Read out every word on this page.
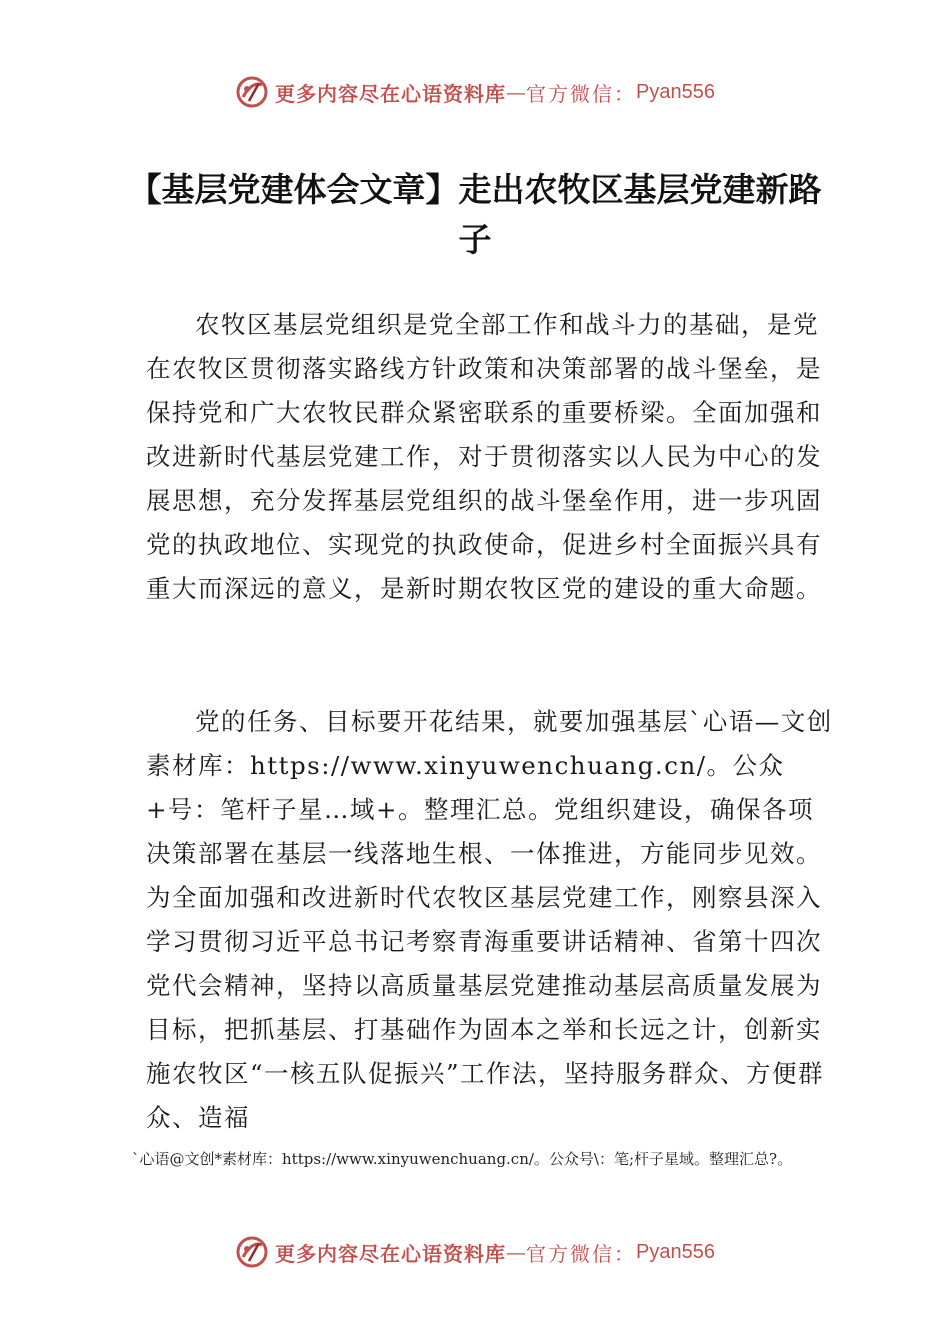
更多内容尽在心语资料库 — 官方微信： Pyan556
【基层党建体会文章】走出农牧区基层党建新路子

农牧区基层党组织是党全部工作和战斗力的基础，是党在农牧区贯彻落实路线方针政策和决策部署的战斗堡垒，是保持党和广大农牧民群众紧密联系的重要桥梁。全面加强和改进新时代基层党建工作，对于贯彻落实以人民为中心的发展思想，充分发挥基层党组织的战斗堡垒作用，进一步巩固党的执政地位、实现党的执政使命，促进乡村全面振兴具有重大而深远的意义，是新时期农牧区党的建设的重大命题。

党的任务、目标要开花结果，就要加强基层`心语—文创素材库：https://www.xinyuwenchuang.cn/。公众+号：笔杆子星…域+。整理汇总。党组织建设，确保各项决策部署在基层一线落地生根、一体推进，方能同步见效。为全面加强和改进新时代农牧区基层党建工作，刚察县深入学习贯彻习近平总书记考察青海重要讲话精神、省第十四次党代会精神，坚持以高质量基层党建推动基层高质量发展为目标，把抓基层、打基础作为固本之举和长远之计，创新实施农牧区“一核五队促振兴”工作法，坚持服务群众、方便群众、造福

`心语@文创*素材库：https://www.xinyuwenchuang.cn/。公众号\：笔;杆子星域。整理汇总?。

更多内容尽在心语资料库 — 官方微信： Pyan556
